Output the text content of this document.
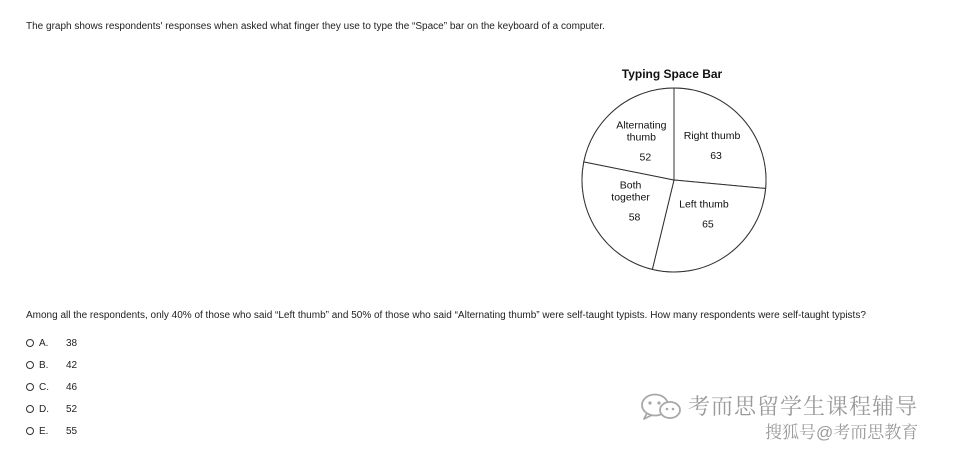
The graph shows respondents' responses when asked what finger they use to type the “Space” bar on the keyboard of a computer.
Typing Space Bar
Right thumb
63
Left thumb
65
Both
together
58
Alternating
thumb
52
Among all the respondents, only 40% of those who said “Left thumb” and 50% of those who said “Alternating thumb” were self-taught typists. How many respondents were self-taught typists?
A.	38
B.	42
C.	46
D.	52
E.	55
考而思留学生课程辅导
搜狐号@考而思教育
